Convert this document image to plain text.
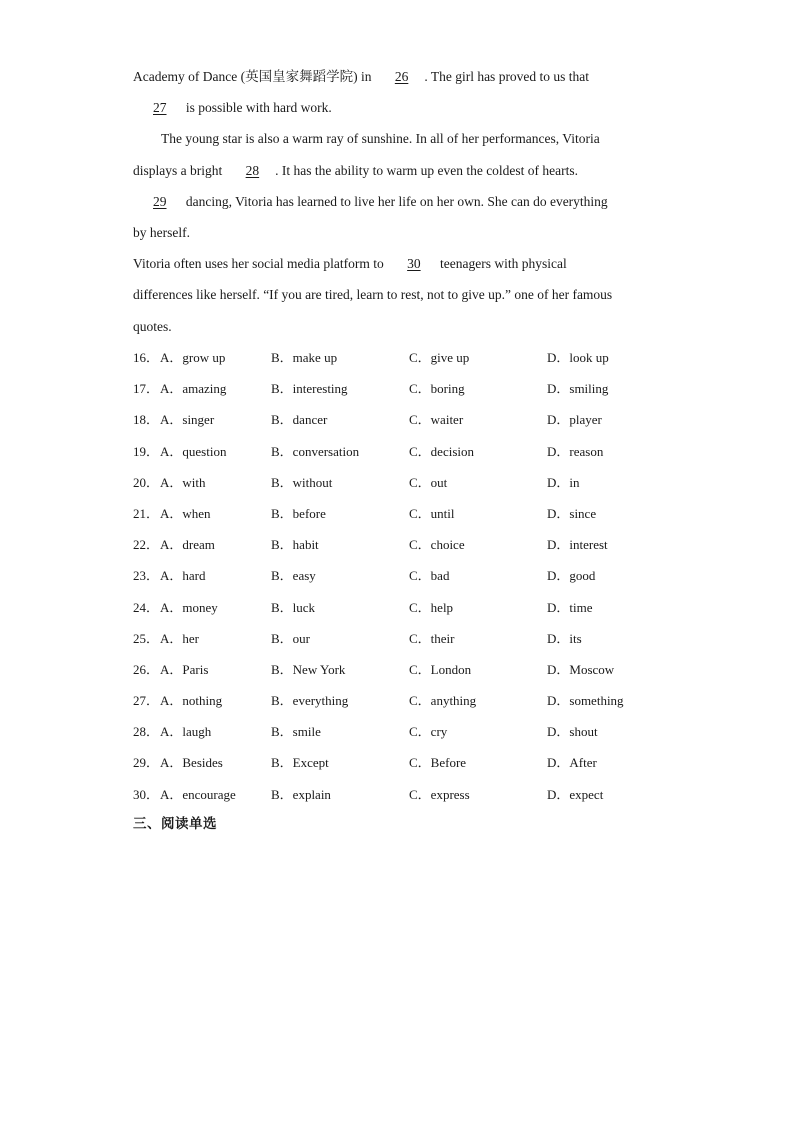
Academy of Dance (英国皇家舞蹈学院) in 26 . The girl has proved to us that
27 is possible with hard work.
The young star is also a warm ray of sunshine. In all of her performances, Vitoria
displays a bright 28 . It has the ability to warm up even the coldest of hearts.
29 dancing, Vitoria has learned to live her life on her own. She can do everything
by herself.
Vitoria often uses her social media platform to 30 teenagers with physical
differences like herself. “If you are tired, learn to rest, not to give up.” one of her famous
quotes.
16． A．grow up	B．make up	C．give up	D．look up
17． A．amazing	B．interesting	C．boring	D．smiling
18． A．singer	B．dancer	C．waiter	D．player
19． A．question	B．conversation	C．decision	D．reason
20． A．with	B．without	C．out	D．in
21． A．when	B．before	C．until	D．since
22． A．dream	B．habit	C．choice	D．interest
23． A．hard	B．easy	C．bad	D．good
24． A．money	B．luck	C．help	D．time
25． A．her	B．our	C．their	D．its
26． A．Paris	B．New York	C．London	D．Moscow
27． A．nothing	B．everything	C．anything	D．something
28． A．laugh	B．smile	C．cry	D．shout
29． A．Besides	B．Except	C．Before	D．After
30． A．encourage	B．explain	C．express	D．expect
三、阅读单选
